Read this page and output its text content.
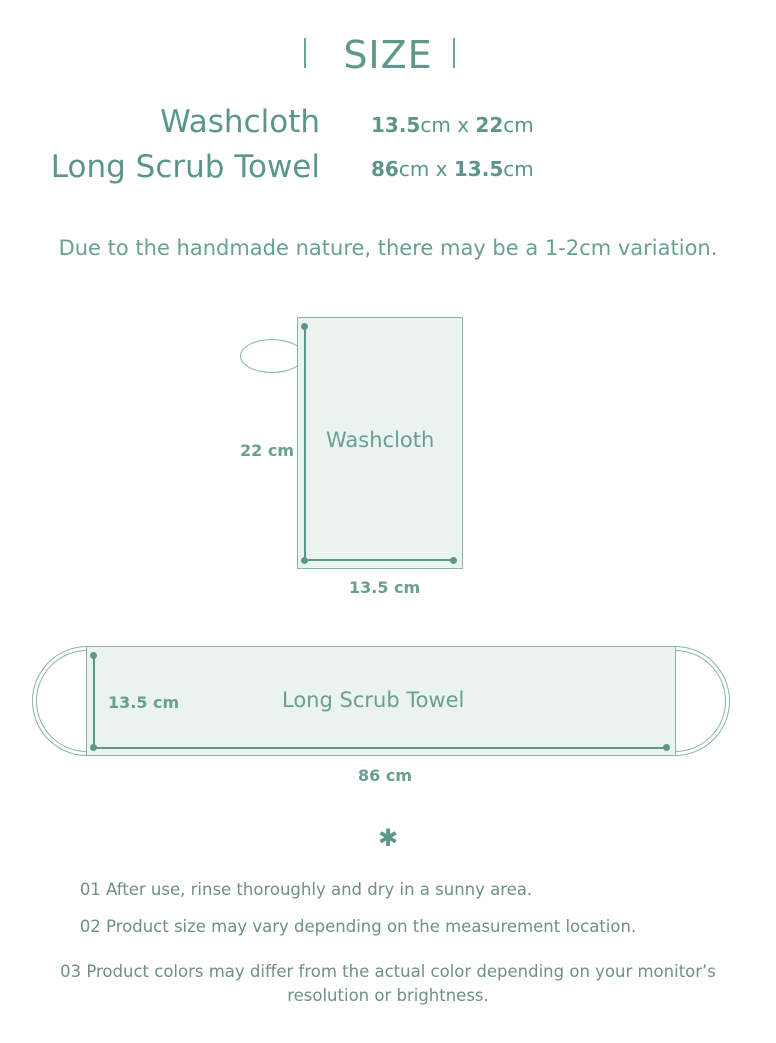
SIZE
Washcloth	13.5cm x 22cm
Long Scrub Towel	86cm x 13.5cm
Due to the handmade nature, there may be a 1-2cm variation.
Washcloth
22 cm
13.5 cm
13.5 cm	Long Scrub Towel
86 cm
✱
01 After use, rinse thoroughly and dry in a sunny area.
02 Product size may vary depending on the measurement location.
03 Product colors may differ from the actual color depending on your monitor’s resolution or brightness.
